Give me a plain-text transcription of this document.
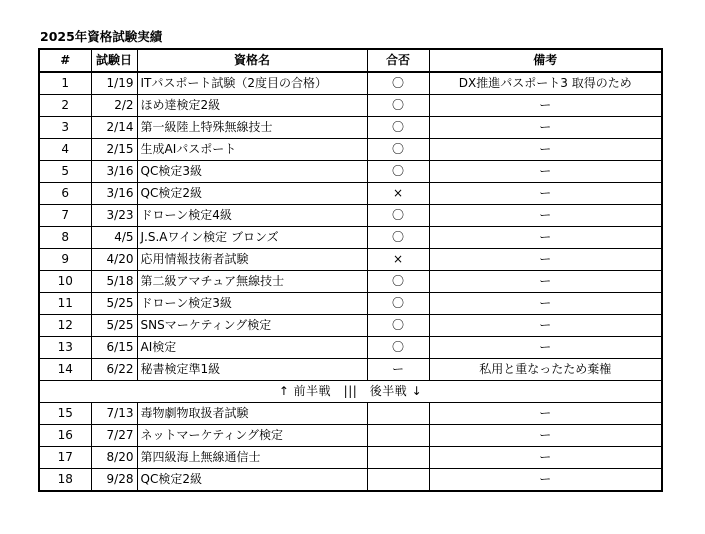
2025年資格試験実績
#	試験日	資格名	合否	備考
1	1/19	ITパスポート試験（2度目の合格）	〇	DX推進パスポート3 取得のため
2	2/2	ほめ達検定2級	〇	ー
3	2/14	第一級陸上特殊無線技士	〇	ー
4	2/15	生成AIパスポート	〇	ー
5	3/16	QC検定3級	〇	ー
6	3/16	QC検定2級	×	ー
7	3/23	ドローン検定4級	〇	ー
8	4/5	J.S.Aワイン検定 ブロンズ	〇	ー
9	4/20	応用情報技術者試験	×	ー
10	5/18	第二級アマチュア無線技士	〇	ー
11	5/25	ドローン検定3級	〇	ー
12	5/25	SNSマーケティング検定	〇	ー
13	6/15	AI検定	〇	ー
14	6/22	秘書検定準1級	ー	私用と重なったため棄権
↑ 前半戦　|||　後半戦 ↓				
15	7/13	毒物劇物取扱者試験		ー
16	7/27	ネットマーケティング検定		ー
17	8/20	第四級海上無線通信士		ー
18	9/28	QC検定2級		ー
